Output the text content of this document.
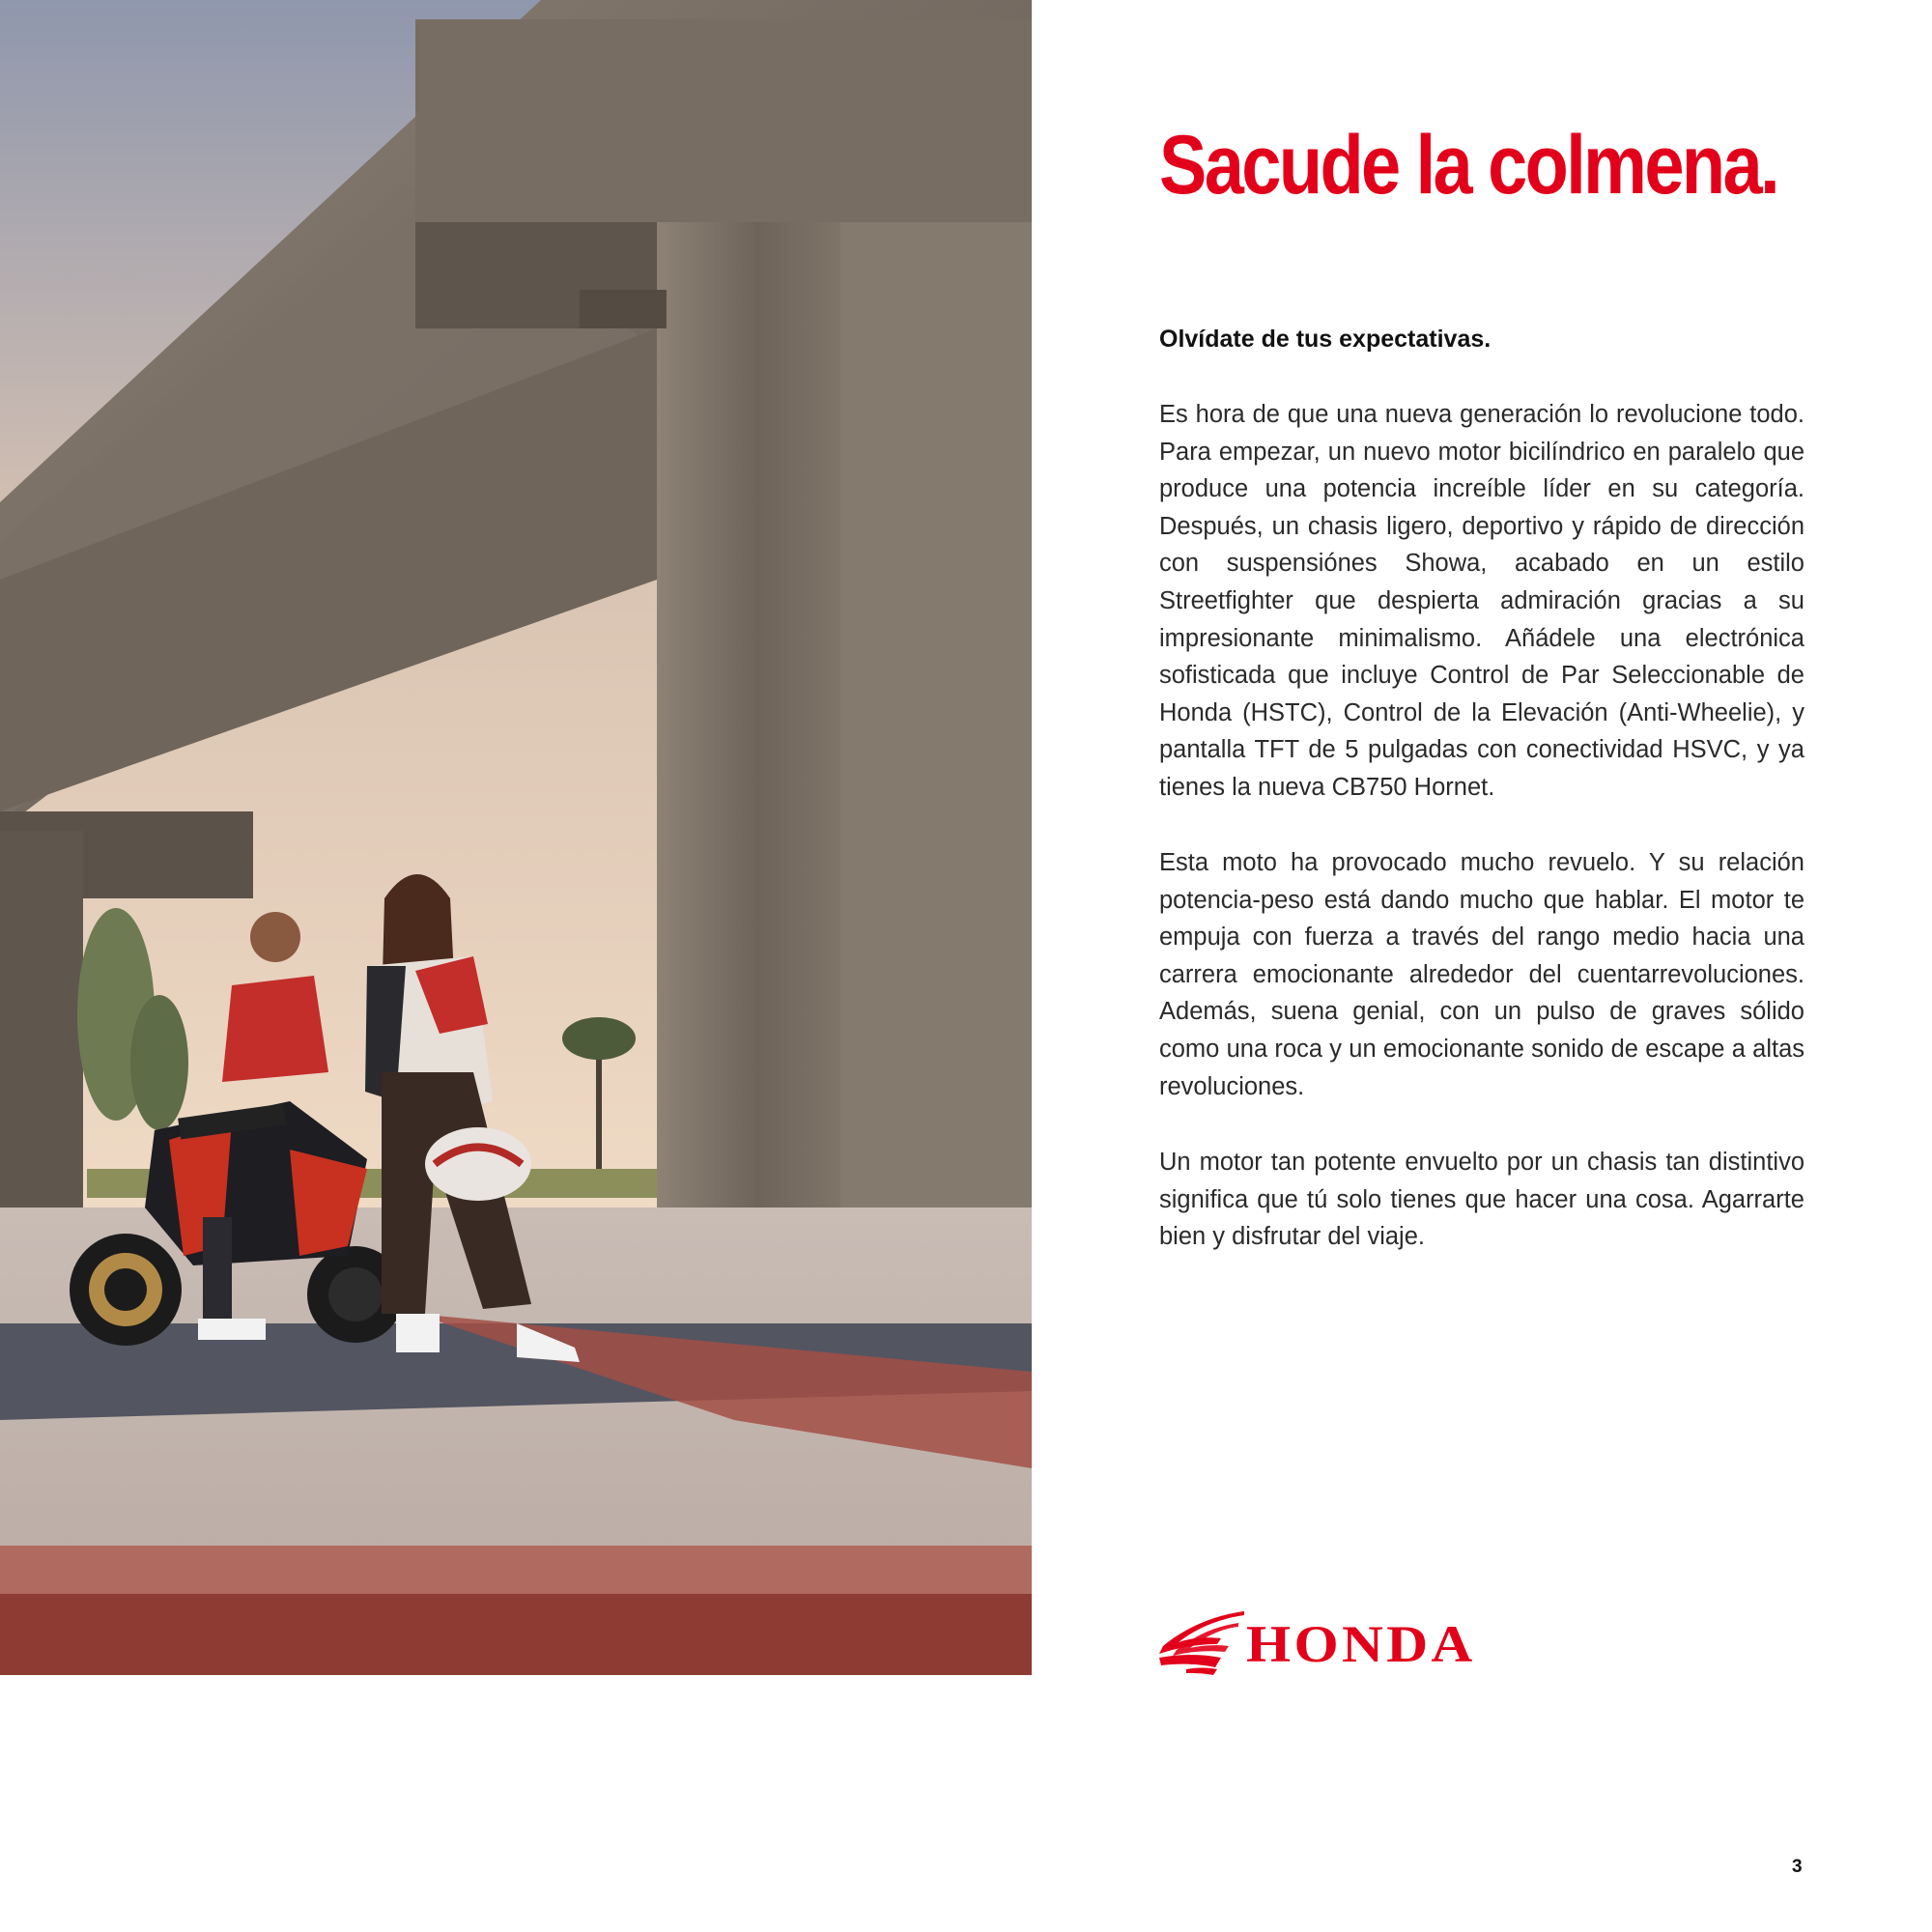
Sacude la colmena.
Olvídate de tus expectativas.

Es hora de que una nueva generación lo revolucione todo. Para empezar, un nuevo motor bicilíndrico en paralelo que produce una potencia increíble líder en su categoría. Después, un chasis ligero, deportivo y rápido de dirección con suspensiónes Showa, acabado en un estilo Streetfighter que despierta admiración gracias a su impresionante minimalismo. Añádele una electrónica sofisticada que incluye Control de Par Seleccionable de Honda (HSTC), Control de la Elevación (Anti-Wheelie), y pantalla TFT de 5 pulgadas con conectividad HSVC, y ya tienes la nueva CB750 Hornet.

Esta moto ha provocado mucho revuelo. Y su relación potencia-peso está dando mucho que hablar. El motor te empuja con fuerza a través del rango medio hacia una carrera emocionante alrededor del cuentarrevoluciones. Además, suena genial, con un pulso de graves sólido como una roca y un emocionante sonido de escape a altas revoluciones.

Un motor tan potente envuelto por un chasis tan distintivo significa que tú solo tienes que hacer una cosa. Agarrarte bien y disfrutar del viaje.

HONDA
3
